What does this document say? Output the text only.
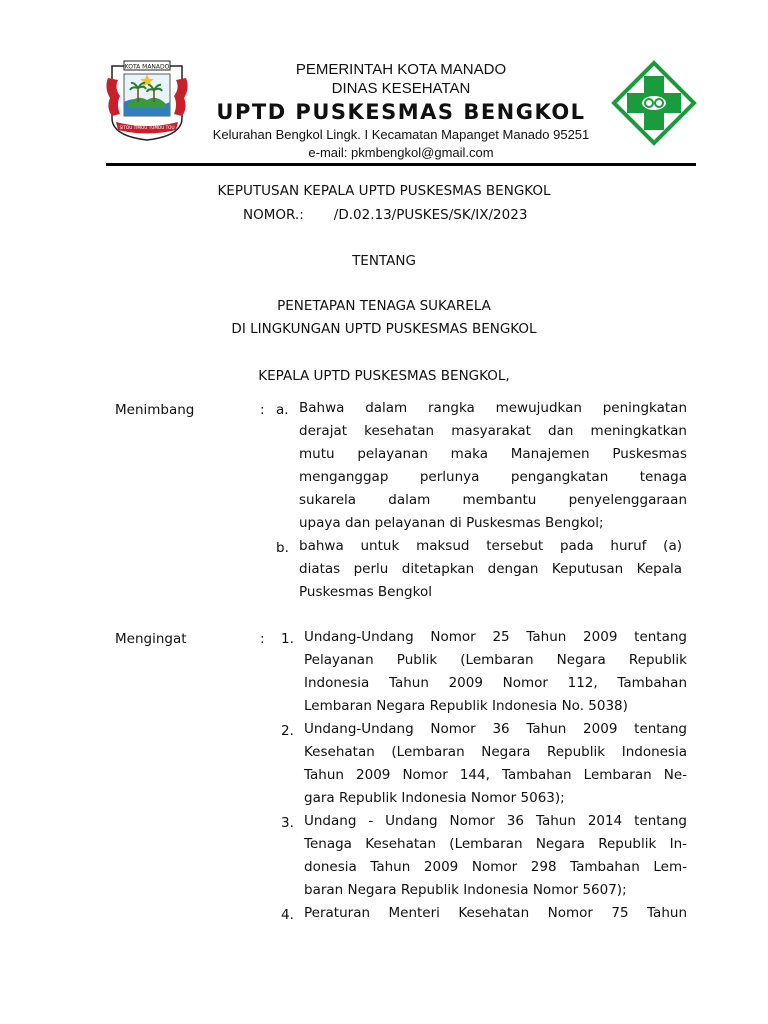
KOTA MANADO
SITOU TIMOU TUMOU TOU
PEMERINTAH KOTA MANADO
DINAS KESEHATAN
UPTD PUSKESMAS BENGKOL
Kelurahan Bengkol Lingk. I Kecamatan Mapanget Manado 95251
e-mail: pkmbengkol@gmail.com
KEPUTUSAN KEPALA UPTD PUSKESMAS BENGKOL
NOMOR.:       /D.02.13/PUSKES/SK/IX/2023
TENTANG
PENETAPAN TENAGA SUKARELA
DI LINGKUNGAN UPTD PUSKESMAS BENGKOL
KEPALA UPTD PUSKESMAS BENGKOL,
Menimbang	: a. Bahwa dalam rangka mewujudkan peningkatan
derajat kesehatan masyarakat dan meningkatkan
mutu pelayanan maka Manajemen Puskesmas
menganggap perlunya pengangkatan tenaga
sukarela dalam membantu penyelenggaraan
upaya dan pelayanan di Puskesmas Bengkol;
b. bahwa untuk maksud tersebut pada huruf (a)
diatas perlu ditetapkan dengan Keputusan Kepala
Puskesmas Bengkol
Mengingat	: 1. Undang-Undang Nomor 25 Tahun 2009 tentang
Pelayanan Publik (Lembaran Negara Republik
Indonesia Tahun 2009 Nomor 112, Tambahan
Lembaran Negara Republik Indonesia No. 5038)
2. Undang-Undang Nomor 36 Tahun 2009 tentang
Kesehatan (Lembaran Negara Republik Indonesia
Tahun 2009 Nomor 144, Tambahan Lembaran Ne-
gara Republik Indonesia Nomor 5063);
3. Undang - Undang Nomor 36 Tahun 2014 tentang
Tenaga Kesehatan (Lembaran Negara Republik In-
donesia Tahun 2009 Nomor 298 Tambahan Lem-
baran Negara Republik Indonesia Nomor 5607);
4. Peraturan Menteri Kesehatan Nomor 75 Tahun
